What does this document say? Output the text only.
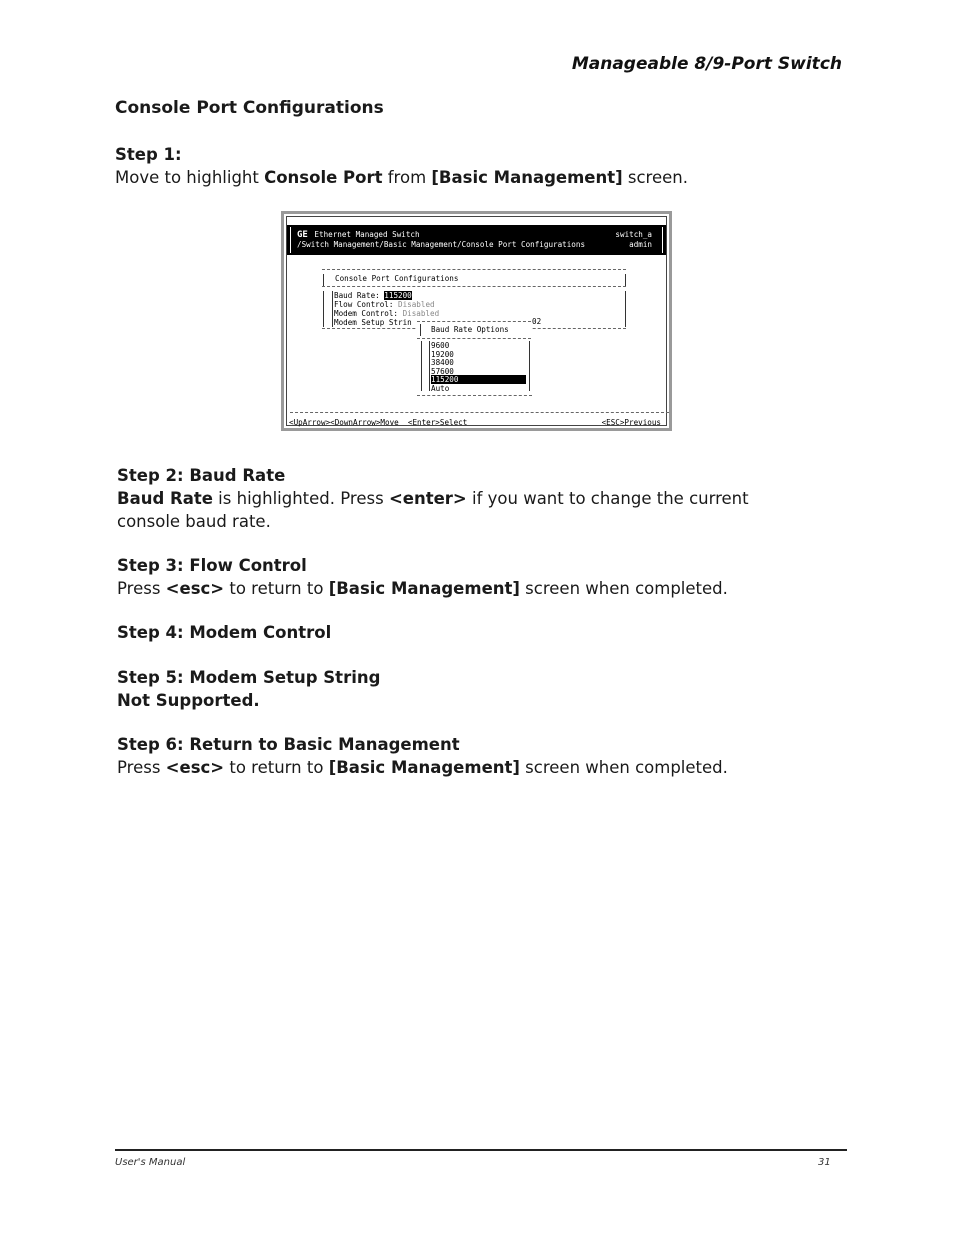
Manageable 8/9-Port Switch
Console Port Configurations
Step 1:
Move to highlight Console Port from [Basic Management] screen.
GE Ethernet Managed Switch
/Switch Management/Basic Management/Console Port Configurations
switch_a
admin
Console Port Configurations
Baud Rate: 115200
Flow Control: Disabled
Modem Control: Disabled
Modem Setup Strin	02
Baud Rate Options
9600
19200
38400
57600
115200
Auto
<UpArrow><DownArrow>Move  <Enter>Select	<ESC>Previous
Step 2: Baud Rate
Baud Rate is highlighted. Press <enter> if you want to change the current
console baud rate.
Step 3: Flow Control
Press <esc> to return to [Basic Management] screen when completed.
Step 4: Modem Control
Step 5: Modem Setup String
Not Supported.
Step 6: Return to Basic Management
Press <esc> to return to [Basic Management] screen when completed.
User's Manual	31
